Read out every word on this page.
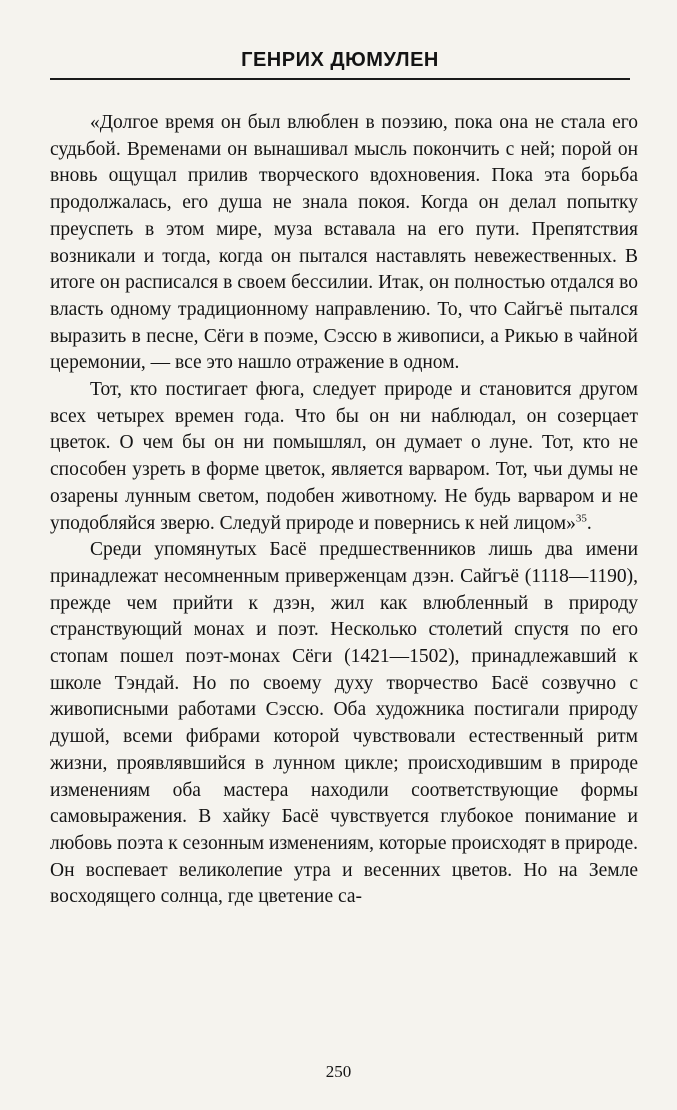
ГЕНРИХ ДЮМУЛЕН

«Долгое время он был влюблен в поэзию, пока она не стала его судьбой. Временами он вынашивал мысль покончить с ней; порой он вновь ощущал прилив творческого вдохновения. Пока эта борьба продолжалась, его душа не знала покоя. Когда он делал попытку преуспеть в этом мире, муза вставала на его пути. Препятствия возникали и тогда, когда он пытался наставлять невежественных. В итоге он расписался в своем бессилии. Итак, он полностью отдался во власть одному традиционному направлению. То, что Сайгъё пытался выразить в песне, Сёги в поэме, Сэссю в живописи, а Рикью в чайной церемонии, — все это нашло отражение в одном.

Тот, кто постигает фюга, следует природе и становится другом всех четырех времен года. Что бы он ни наблюдал, он созерцает цветок. О чем бы он ни помышлял, он думает о луне. Тот, кто не способен узреть в форме цветок, является варваром. Тот, чьи думы не озарены лунным светом, подобен животному. Не будь варваром и не уподобляйся зверю. Следуй природе и повернись к ней лицом»$^{35}$.

Среди упомянутых Басё предшественников лишь два имени принадлежат несомненным приверженцам дзэн. Сайгъё (1118—1190), прежде чем прийти к дзэн, жил как влюбленный в природу странствующий монах и поэт. Несколько столетий спустя по его стопам пошел поэт-монах Сёги (1421—1502), принадлежавший к школе Тэндай. Но по своему духу творчество Басё созвучно с живописными работами Сэссю. Оба художника постигали природу душой, всеми фибрами которой чувствовали естественный ритм жизни, проявлявшийся в лунном цикле; происходившим в природе изменениям оба мастера находили соответствующие формы самовыражения. В хайку Басё чувствуется глубокое понимание и любовь поэта к сезонным изменениям, которые происходят в природе. Он воспевает великолепие утра и весенних цветов. Но на Земле восходящего солнца, где цветение са-

250
